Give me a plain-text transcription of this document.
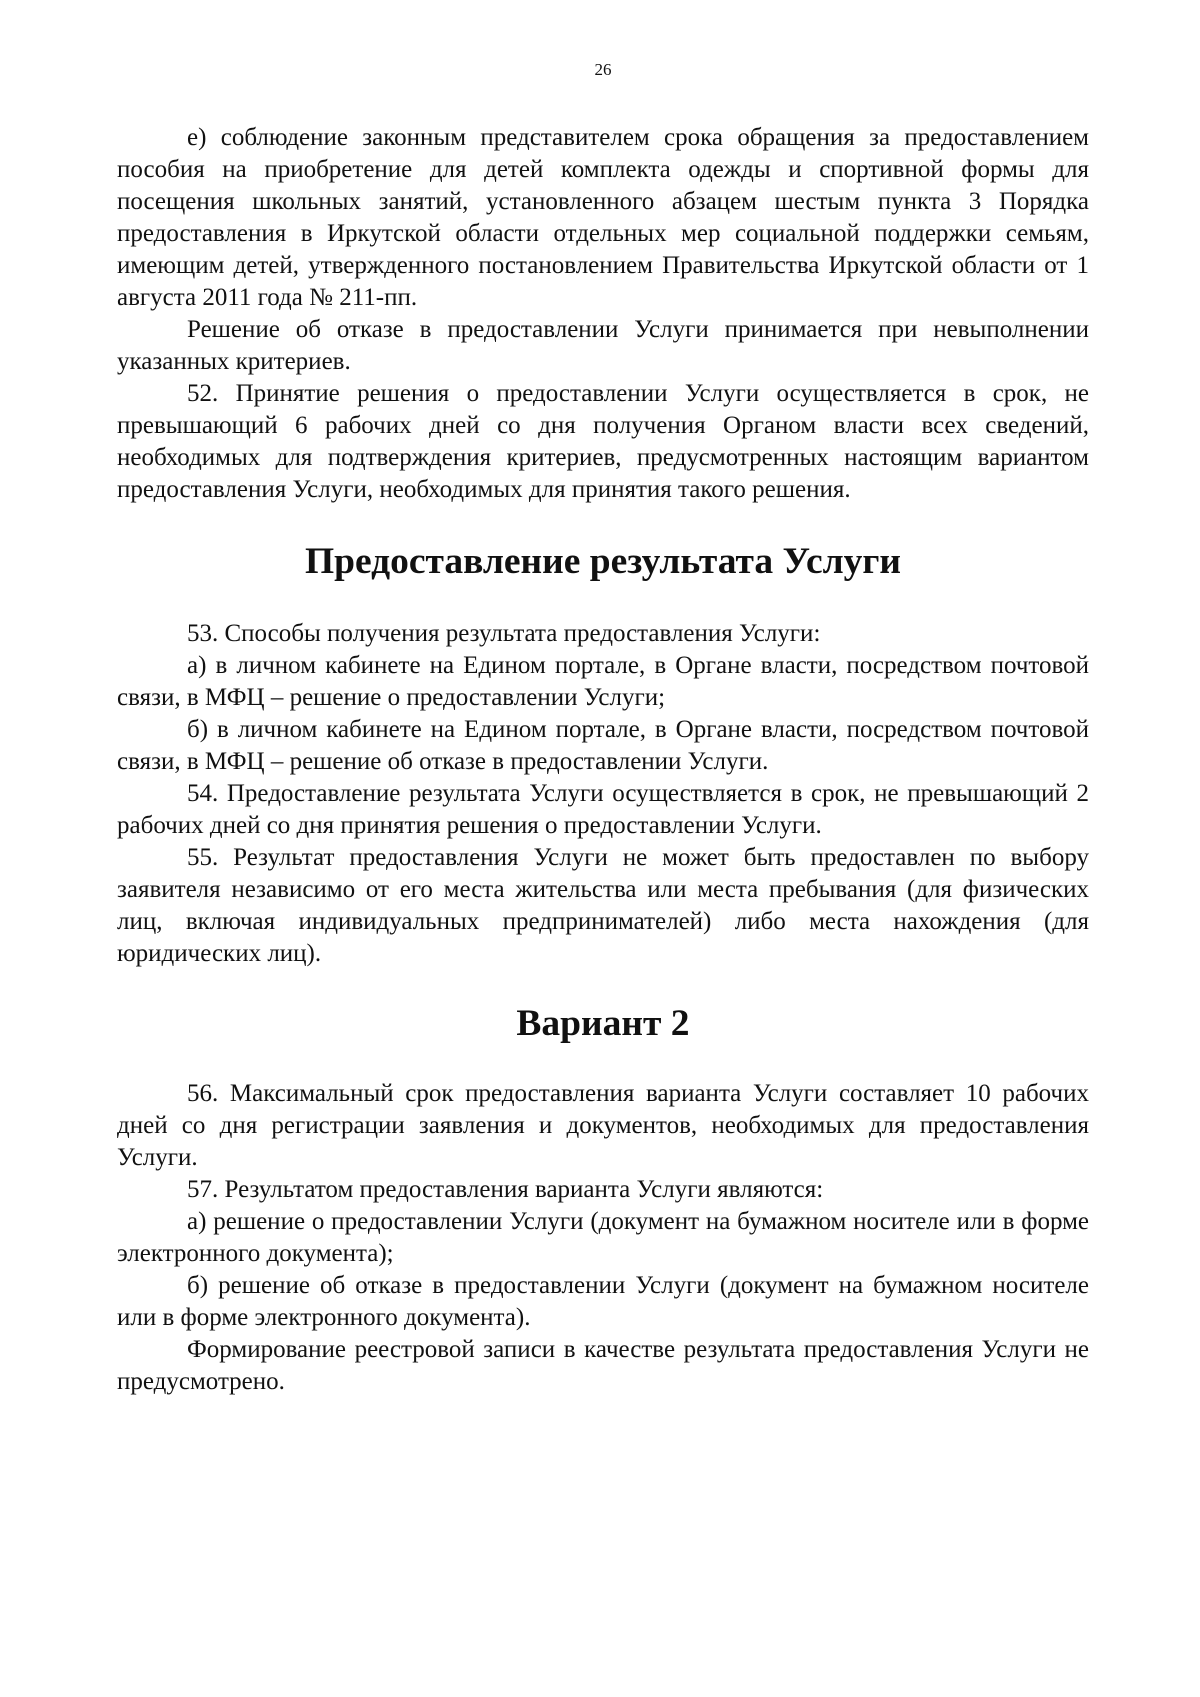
26

е) соблюдение законным представителем срока обращения за предоставлением пособия на приобретение для детей комплекта одежды и спортивной формы для посещения школьных занятий, установленного абзацем шестым пункта 3 Порядка предоставления в Иркутской области отдельных мер социальной поддержки семьям, имеющим детей, утвержденного постановлением Правительства Иркутской области от 1 августа 2011 года № 211-пп.

Решение об отказе в предоставлении Услуги принимается при невыполнении указанных критериев.

52. Принятие решения о предоставлении Услуги осуществляется в срок, не превышающий 6 рабочих дней со дня получения Органом власти всех сведений, необходимых для подтверждения критериев, предусмотренных настоящим вариантом предоставления Услуги, необходимых для принятия такого решения.

Предоставление результата Услуги

53. Способы получения результата предоставления Услуги:

а) в личном кабинете на Едином портале, в Органе власти, посредством почтовой связи, в МФЦ – решение о предоставлении Услуги;

б) в личном кабинете на Едином портале, в Органе власти, посредством почтовой связи, в МФЦ – решение об отказе в предоставлении Услуги.

54. Предоставление результата Услуги осуществляется в срок, не превышающий 2 рабочих дней со дня принятия решения о предоставлении Услуги.

55. Результат предоставления Услуги не может быть предоставлен по выбору заявителя независимо от его места жительства или места пребывания (для физических лиц, включая индивидуальных предпринимателей) либо места нахождения (для юридических лиц).

Вариант 2

56. Максимальный срок предоставления варианта Услуги составляет 10 рабочих дней со дня регистрации заявления и документов, необходимых для предоставления Услуги.

57. Результатом предоставления варианта Услуги являются:

а) решение о предоставлении Услуги (документ на бумажном носителе или в форме электронного документа);

б) решение об отказе в предоставлении Услуги (документ на бумажном носителе или в форме электронного документа).

Формирование реестровой записи в качестве результата предоставления Услуги не предусмотрено.
